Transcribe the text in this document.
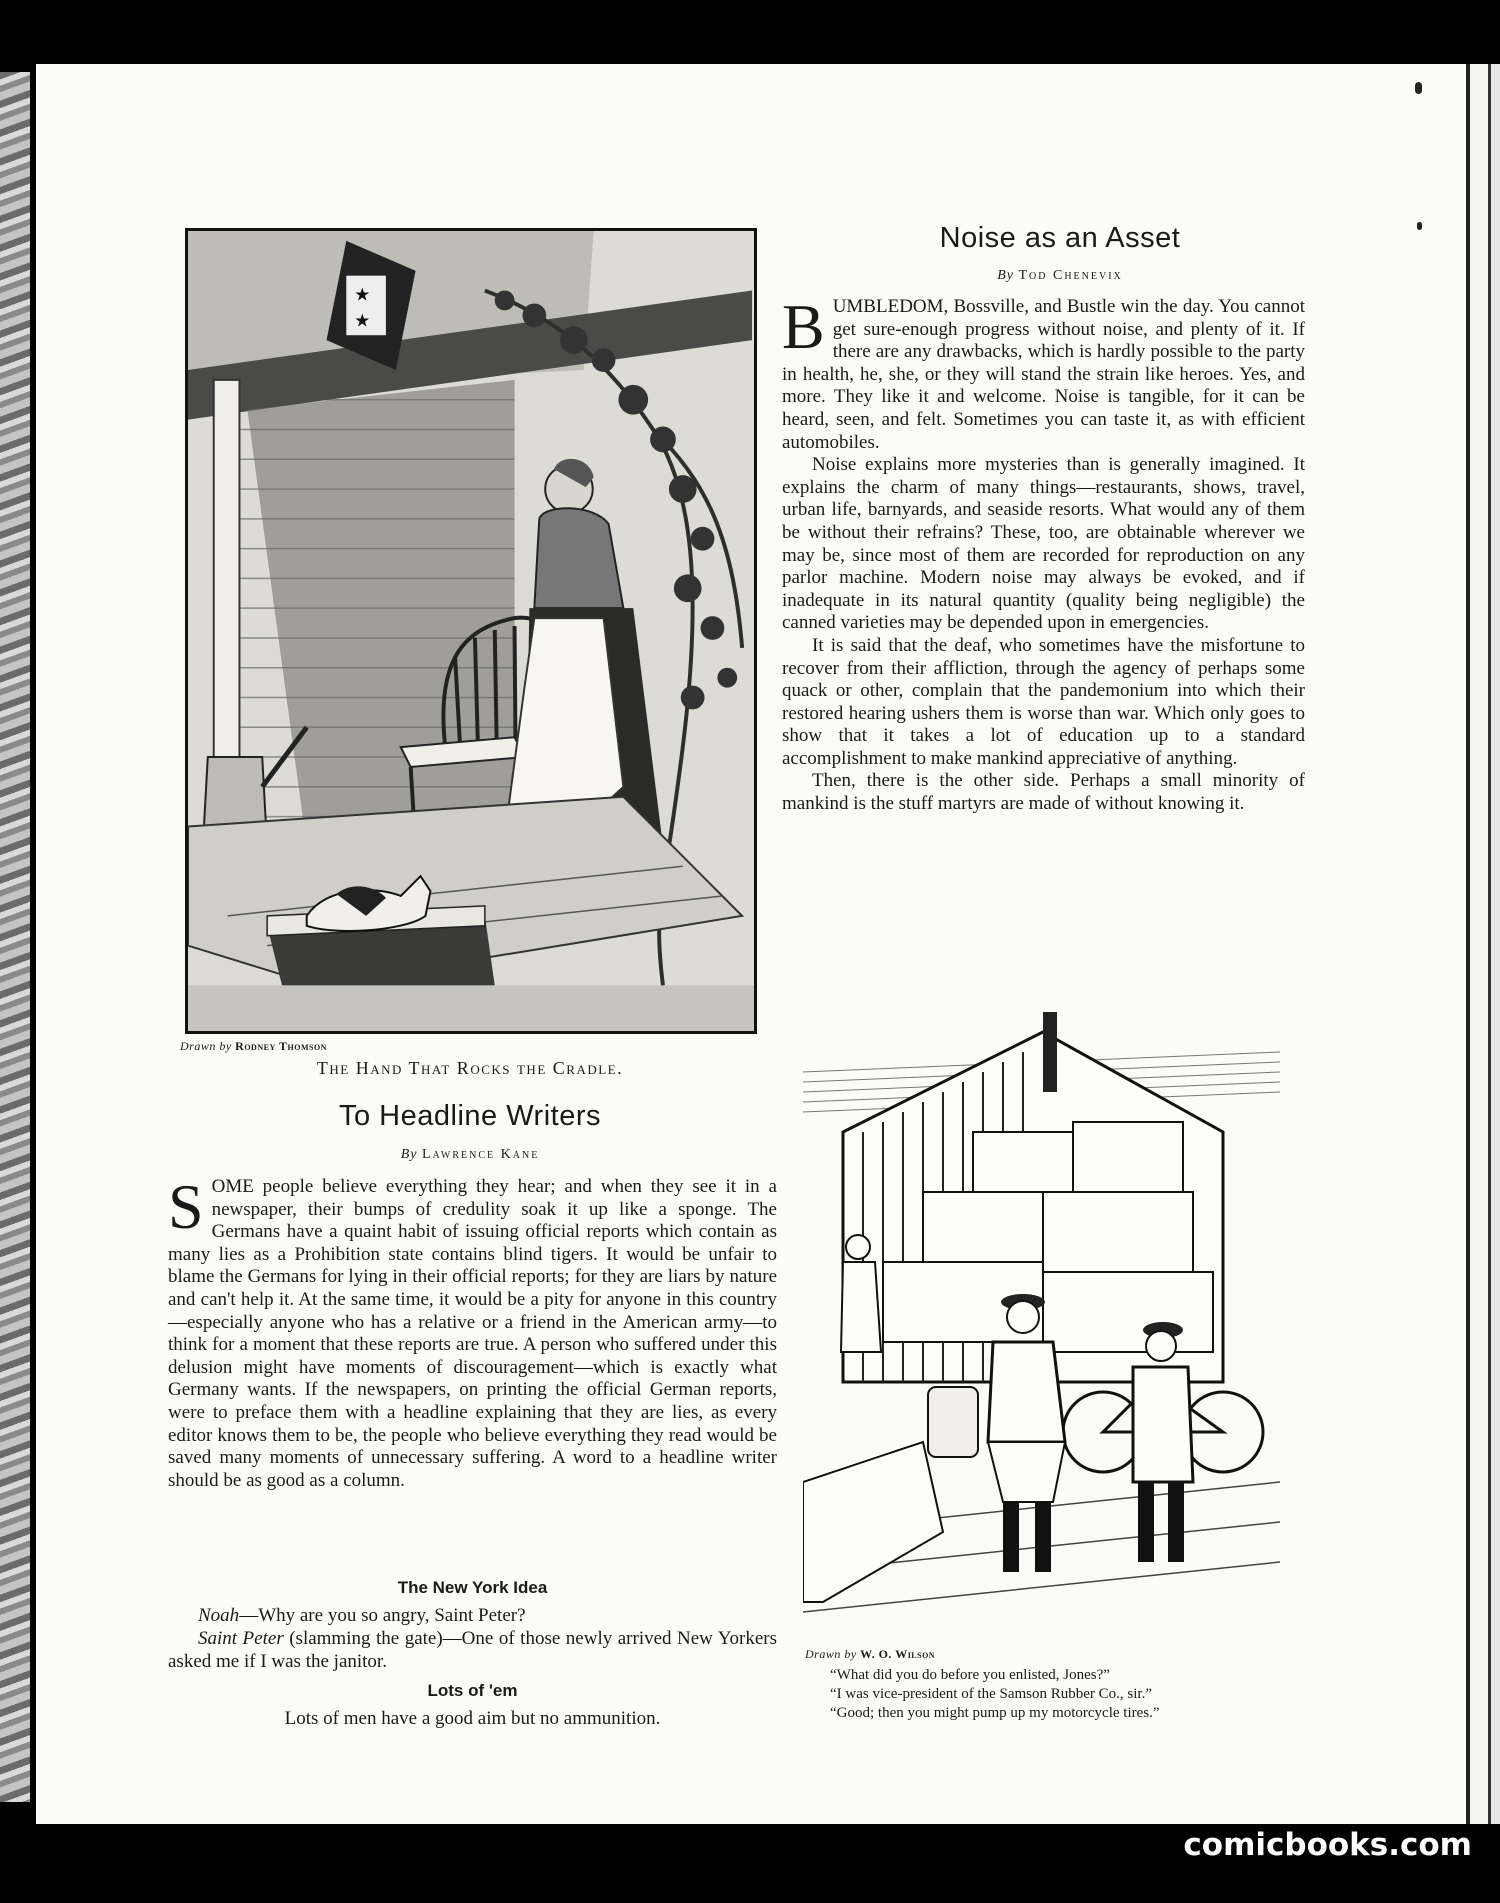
★
★
Drawn by Rodney Thomson
The Hand That Rocks the Cradle.
Noise as an Asset
By Tod Chenevix

BUMBLEDOM, Bossville, and Bustle win the day. You cannot get sure-enough progress without noise, and plenty of it. If there are any drawbacks, which is hardly possible to the party in health, he, she, or they will stand the strain like heroes. Yes, and more. They like it and welcome. Noise is tangible, for it can be heard, seen, and felt. Sometimes you can taste it, as with efficient automobiles.

Noise explains more mysteries than is generally imagined. It explains the charm of many things—restaurants, shows, travel, urban life, barnyards, and seaside resorts. What would any of them be without their refrains? These, too, are obtainable wherever we may be, since most of them are recorded for reproduction on any parlor machine. Modern noise may always be evoked, and if inadequate in its natural quantity (quality being negligible) the canned varieties may be depended upon in emergencies.

It is said that the deaf, who sometimes have the misfortune to recover from their affliction, through the agency of perhaps some quack or other, complain that the pandemonium into which their restored hearing ushers them is worse than war. Which only goes to show that it takes a lot of education up to a standard accomplishment to make mankind appreciative of anything.

Then, there is the other side. Perhaps a small minority of mankind is the stuff martyrs are made of without knowing it.

To Headline Writers
By Lawrence Kane

SOME people believe everything they hear; and when they see it in a newspaper, their bumps of credulity soak it up like a sponge. The Germans have a quaint habit of issuing official reports which contain as many lies as a Prohibition state contains blind tigers. It would be unfair to blame the Germans for lying in their official reports; for they are liars by nature and can't help it. At the same time, it would be a pity for anyone in this country—especially anyone who has a relative or a friend in the American army—to think for a moment that these reports are true. A person who suffered under this delusion might have moments of discouragement—which is exactly what Germany wants. If the newspapers, on printing the official German reports, were to preface them with a headline explaining that they are lies, as every editor knows them to be, the people who believe everything they read would be saved many moments of unnecessary suffering. A word to a headline writer should be as good as a column.

The New York Idea

Noah—Why are you so angry, Saint Peter?

Saint Peter (slamming the gate)—One of those newly arrived New Yorkers asked me if I was the janitor.

Lots of 'em

Lots of men have a good aim but no ammunition.

Drawn by W. O. Wilson

“What did you do before you enlisted, Jones?”

“I was vice-president of the Samson Rubber Co., sir.”

“Good; then you might pump up my motorcycle tires.”

comicbooks.com
